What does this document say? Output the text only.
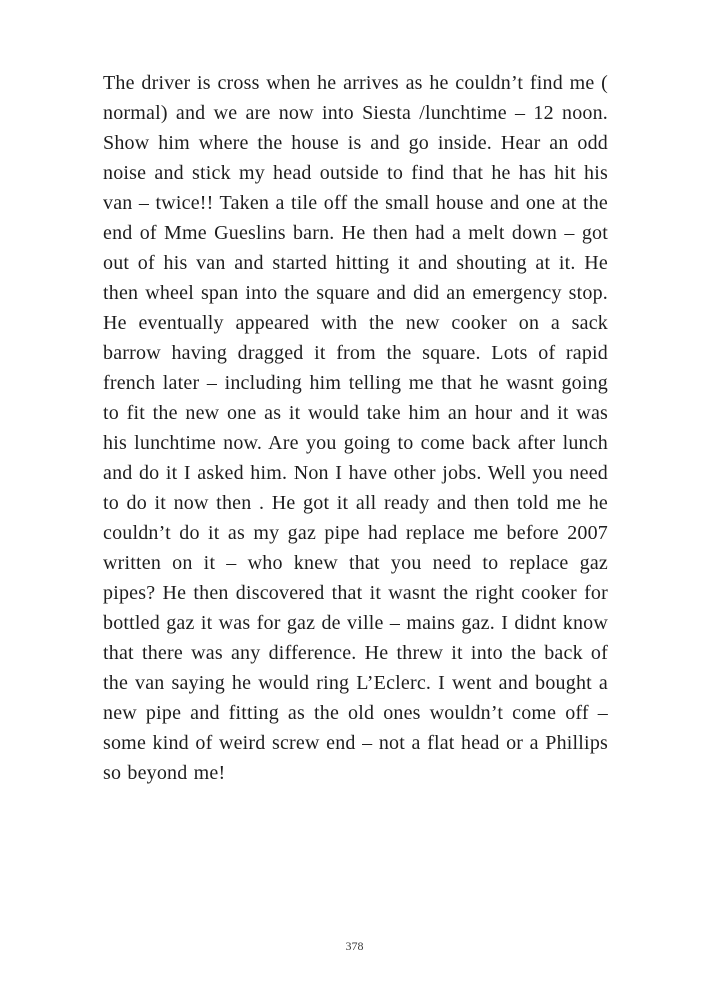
The driver is cross when he arrives as he couldn’t find me ( normal) and we are now into Siesta /lunchtime – 12 noon. Show him where the house is and go inside. Hear an odd noise and stick my head outside to find that he has hit his van – twice!! Taken a tile off the small house and one at the end of Mme Gueslins barn. He then had a melt down – got out of his van and started hitting it and shouting at it. He then wheel span into the square and did an emergency stop. He eventually appeared with the new cooker on a sack barrow having dragged it from the square. Lots of rapid french later – including him telling me that he wasnt going to fit the new one as it would take him an hour and it was his lunchtime now. Are you going to come back after lunch and do it I asked him. Non I have other jobs. Well you need to do it now then . He got it all ready and then told me he couldn’t do it as my gaz pipe had replace me before 2007 written on it – who knew that you need to replace gaz pipes? He then discovered that it wasnt the right cooker for bottled gaz it was for gaz de ville – mains gaz. I didnt know that there was any difference. He threw it into the back of the van saying he would ring L’Eclerc. I went and bought a new pipe and fitting as the old ones wouldn’t come off – some kind of weird screw end – not a flat head or a Phillips so beyond me!

378
